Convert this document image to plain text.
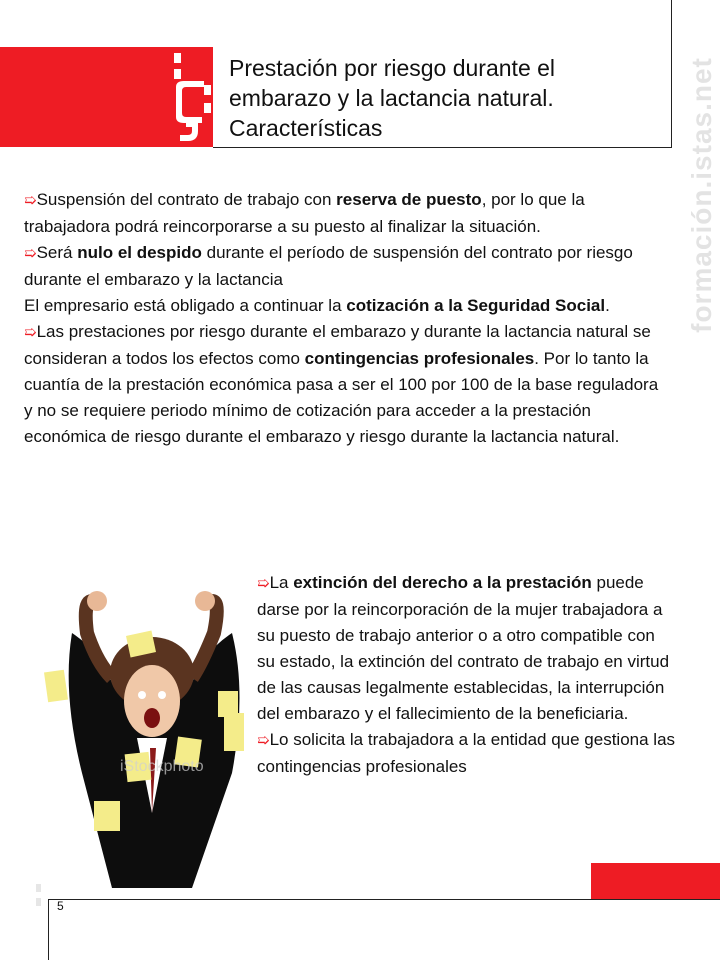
Prestación por riesgo durante el embarazo y la lactancia natural. Características	formación.istas.net

➯Suspensión del contrato de trabajo con reserva de puesto, por lo que la trabajadora podrá reincorporarse a su puesto al finalizar la situación.

➯Será nulo el despido durante el período de suspensión del contrato por riesgo durante el embarazo y la lactancia

El empresario está obligado a continuar la cotización a la Seguridad Social.

➯Las prestaciones por riesgo durante el embarazo y durante la lactancia natural se consideran a todos los efectos como contingencias profesionales. Por lo tanto la cuantía de la prestación económica pasa a ser el 100 por 100 de la base reguladora y no se requiere periodo mínimo de cotización para acceder a la prestación económica de riesgo durante el embarazo y riesgo durante la lactancia natural.

iStockphoto

➯La extinción del derecho a la prestación puede darse por la reincorporación de la mujer trabajadora a su puesto de trabajo anterior o a otro compatible con su estado, la extinción del contrato de trabajo en virtud de las causas legalmente establecidas, la interrupción del embarazo y el fallecimiento de la beneficiaria.

➯Lo solicita la trabajadora a la entidad que gestiona las contingencias profesionales

5
